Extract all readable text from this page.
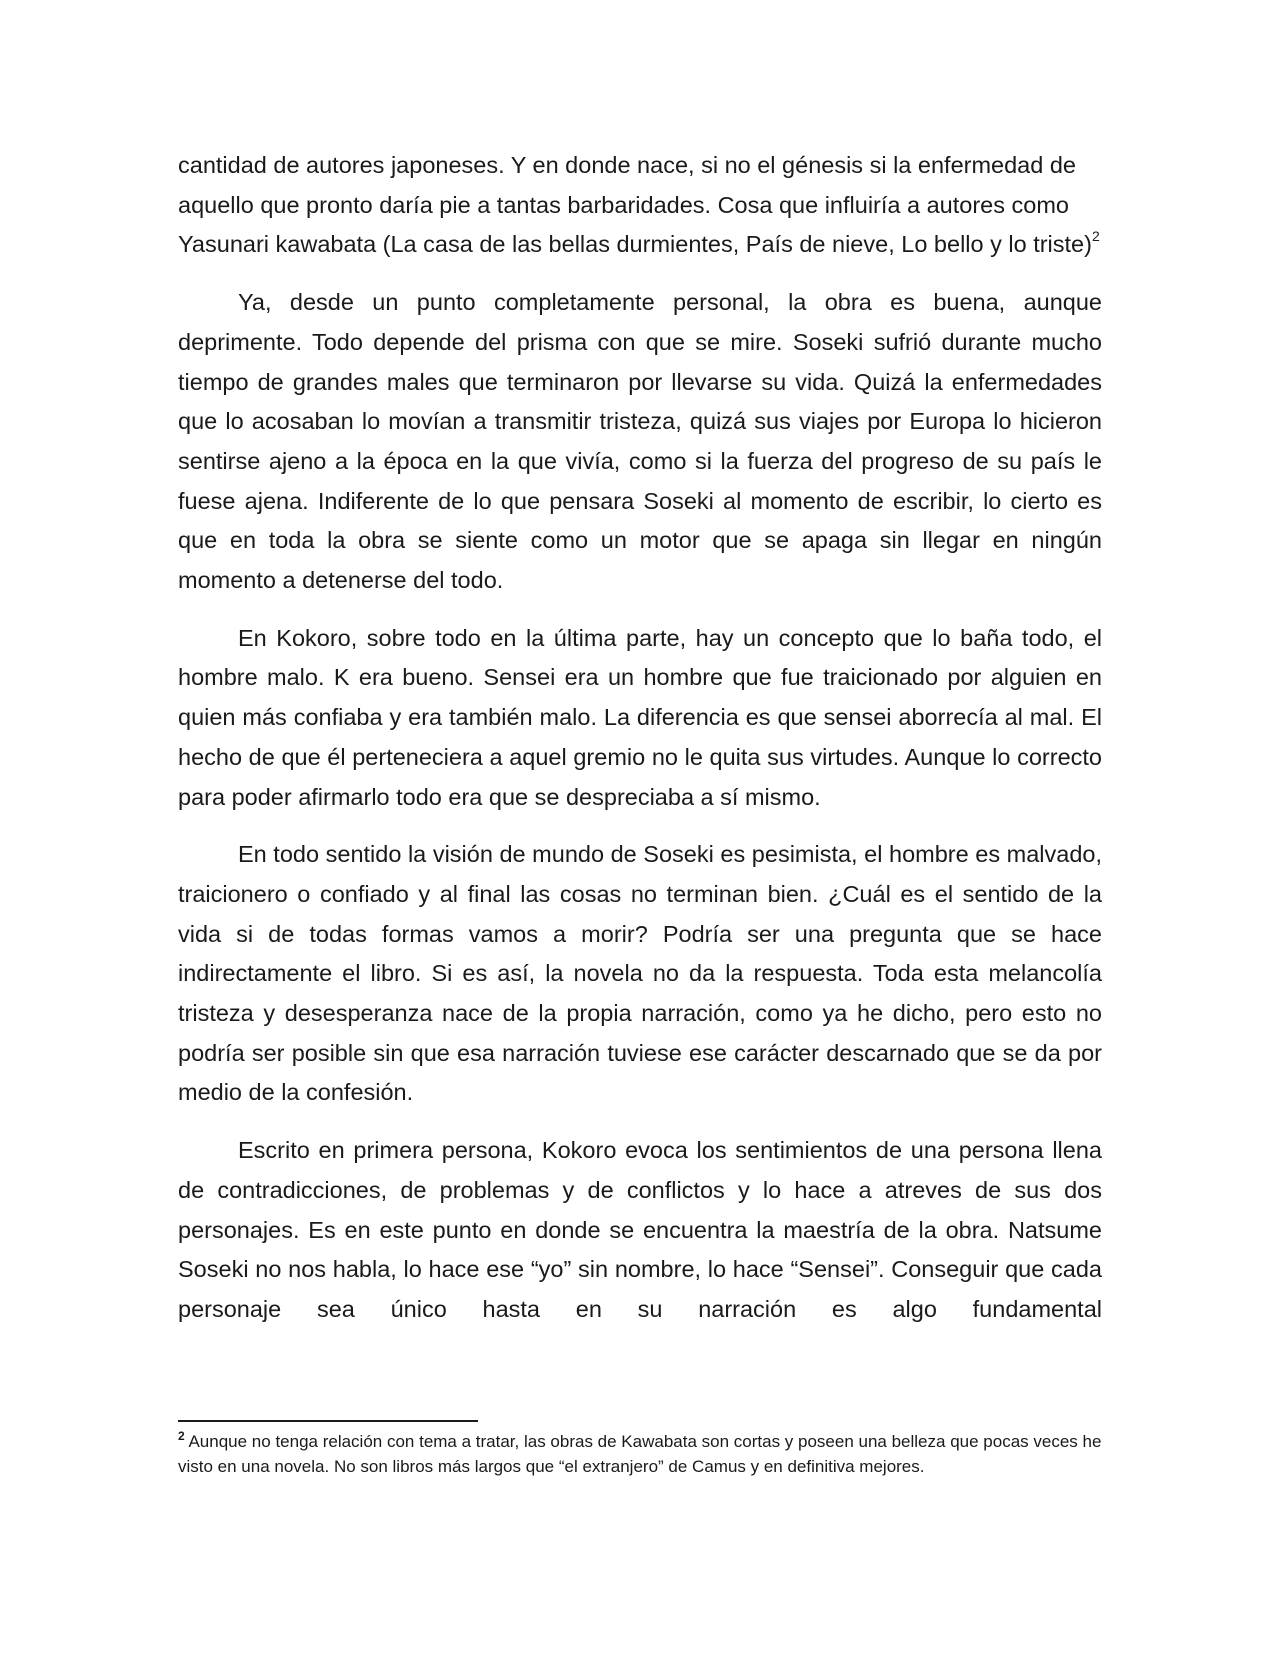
cantidad de autores japoneses. Y en donde nace, si no el génesis si la enfermedad de aquello que pronto daría pie a tantas barbaridades. Cosa que influiría a autores como Yasunari kawabata (La casa de las bellas durmientes, País de nieve, Lo bello y lo triste)$^2$

Ya, desde un punto completamente personal, la obra es buena, aunque deprimente. Todo depende del prisma con que se mire. Soseki sufrió durante mucho tiempo de grandes males que terminaron por llevarse su vida. Quizá la enfermedades que lo acosaban lo movían a transmitir tristeza, quizá sus viajes por Europa lo hicieron sentirse ajeno a la época en la que vivía, como si la fuerza del progreso de su país le fuese ajena. Indiferente de lo que pensara Soseki al momento de escribir, lo cierto es que en toda la obra se siente como un motor que se apaga sin llegar en ningún momento a detenerse del todo.

En Kokoro, sobre todo en la última parte, hay un concepto que lo baña todo, el hombre malo. K era bueno. Sensei era un hombre que fue traicionado por alguien en quien más confiaba y era también malo. La diferencia es que sensei aborrecía al mal. El hecho de que él perteneciera a aquel gremio no le quita sus virtudes. Aunque lo correcto para poder afirmarlo todo era que se despreciaba a sí mismo.

En todo sentido la visión de mundo de Soseki es pesimista, el hombre es malvado, traicionero o confiado y al final las cosas no terminan bien. ¿Cuál es el sentido de la vida si de todas formas vamos a morir? Podría ser una pregunta que se hace indirectamente el libro. Si es así, la novela no da la respuesta. Toda esta melancolía tristeza y desesperanza nace de la propia narración, como ya he dicho, pero esto no podría ser posible sin que esa narración tuviese ese carácter descarnado que se da por medio de la confesión.

Escrito en primera persona, Kokoro evoca los sentimientos de una persona llena de contradicciones, de problemas y de conflictos y lo hace a atreves de sus dos personajes. Es en este punto en donde se encuentra la maestría de la obra. Natsume Soseki no nos habla, lo hace ese “yo” sin nombre, lo hace “Sensei”. Conseguir que cada personaje sea único hasta en su narración es algo fundamental

$^2$ Aunque no tenga relación con tema a tratar, las obras de Kawabata son cortas y poseen una belleza que pocas veces he visto en una novela. No son libros más largos que “el extranjero” de Camus y en definitiva mejores.
